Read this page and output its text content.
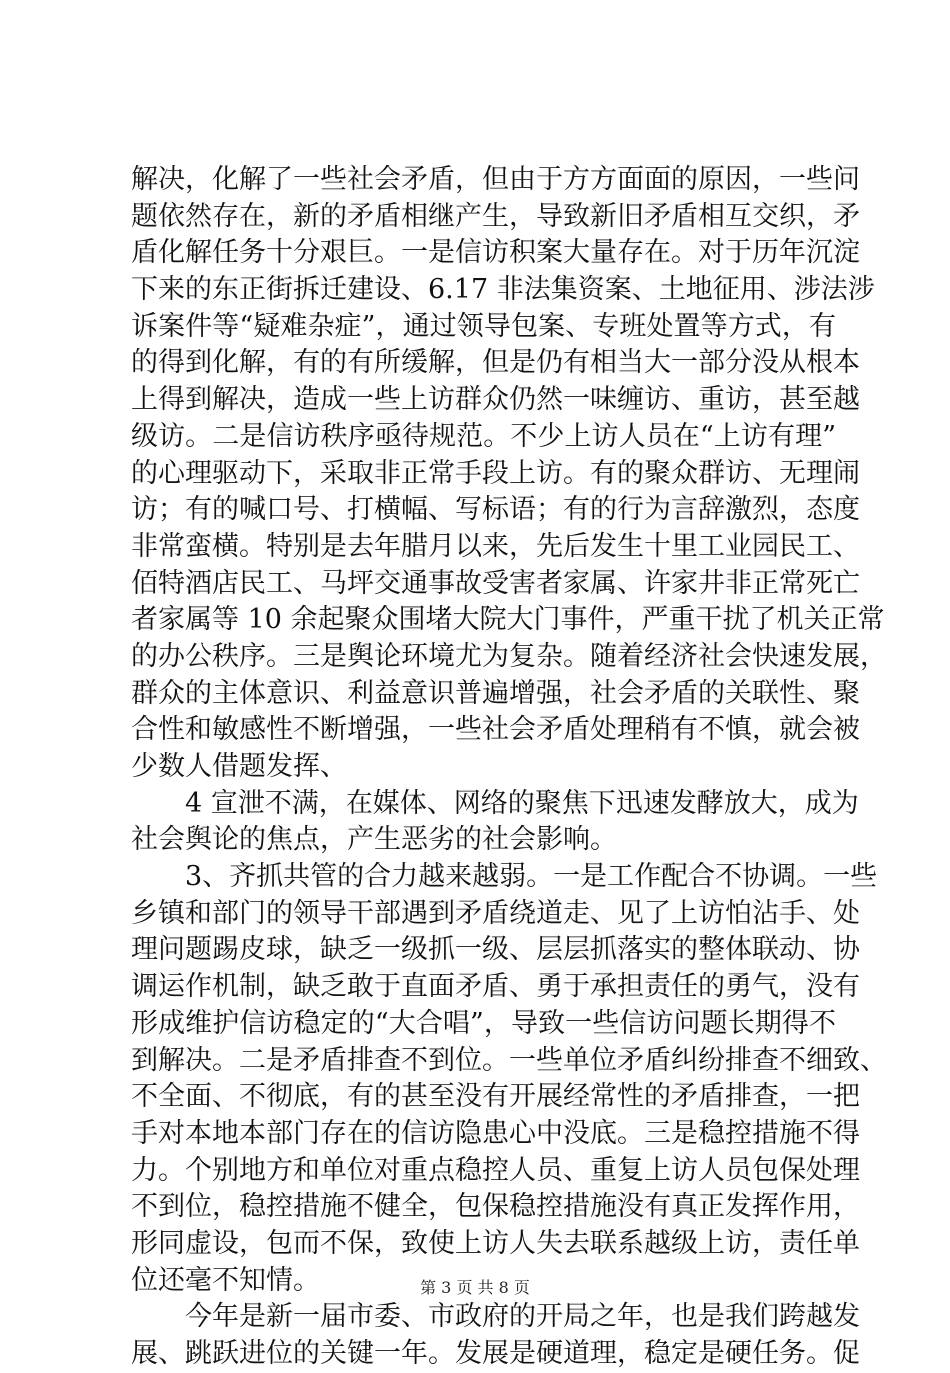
解决，化解了一些社会矛盾，但由于方方面面的原因，一些问
题依然存在，新的矛盾相继产生，导致新旧矛盾相互交织，矛
盾化解任务十分艰巨。一是信访积案大量存在。对于历年沉淀
下来的东正街拆迁建设、6.17 非法集资案、土地征用、涉法涉
诉案件等“疑难杂症”，通过领导包案、专班处置等方式，有
的得到化解，有的有所缓解，但是仍有相当大一部分没从根本
上得到解决，造成一些上访群众仍然一味缠访、重访，甚至越
级访。二是信访秩序亟待规范。不少上访人员在“上访有理”
的心理驱动下，采取非正常手段上访。有的聚众群访、无理闹
访；有的喊口号、打横幅、写标语；有的行为言辞激烈，态度
非常蛮横。特别是去年腊月以来，先后发生十里工业园民工、
佰特酒店民工、马坪交通事故受害者家属、许家井非正常死亡
者家属等 10 余起聚众围堵大院大门事件，严重干扰了机关正常
的办公秩序。三是舆论环境尤为复杂。随着经济社会快速发展，
群众的主体意识、利益意识普遍增强，社会矛盾的关联性、聚
合性和敏感性不断增强，一些社会矛盾处理稍有不慎，就会被
少数人借题发挥、
4 宣泄不满，在媒体、网络的聚焦下迅速发酵放大，成为
社会舆论的焦点，产生恶劣的社会影响。
3、齐抓共管的合力越来越弱。一是工作配合不协调。一些
乡镇和部门的领导干部遇到矛盾绕道走、见了上访怕沾手、处
理问题踢皮球，缺乏一级抓一级、层层抓落实的整体联动、协
调运作机制，缺乏敢于直面矛盾、勇于承担责任的勇气，没有
形成维护信访稳定的“大合唱”，导致一些信访问题长期得不
到解决。二是矛盾排查不到位。一些单位矛盾纠纷排查不细致、
不全面、不彻底，有的甚至没有开展经常性的矛盾排查，一把
手对本地本部门存在的信访隐患心中没底。三是稳控措施不得
力。个别地方和单位对重点稳控人员、重复上访人员包保处理
不到位，稳控措施不健全，包保稳控措施没有真正发挥作用，
形同虚设，包而不保，致使上访人失去联系越级上访，责任单
位还毫不知情。
今年是新一届市委、市政府的开局之年，也是我们跨越发
展、跳跃进位的关键一年。发展是硬道理，稳定是硬任务。促
第 3 页 共 8 页
